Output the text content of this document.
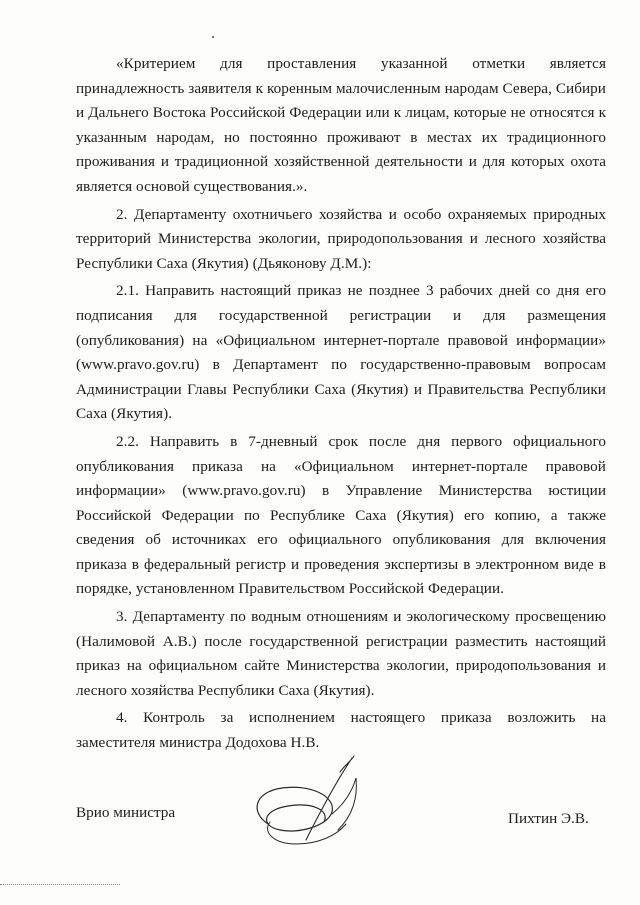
«Критерием для проставления указанной отметки является принадлежность заявителя к коренным малочисленным народам Севера, Сибири и Дальнего Востока Российской Федерации или к лицам, которые не относятся к указанным народам, но постоянно проживают в местах их традиционного проживания и традиционной хозяйственной деятельности и для которых охота является основой существования.».

2. Департаменту охотничьего хозяйства и особо охраняемых природных территорий Министерства экологии, природопользования и лесного хозяйства Республики Саха (Якутия) (Дьяконову Д.М.):

2.1. Направить настоящий приказ не позднее 3 рабочих дней со дня его подписания для государственной регистрации и для размещения (опубликования) на «Официальном интернет-портале правовой информации» (www.pravo.gov.ru) в Департамент по государственно-правовым вопросам Администрации Главы Республики Саха (Якутия) и Правительства Республики Саха (Якутия).

2.2. Направить в 7-дневный срок после дня первого официального опубликования приказа на «Официальном интернет-портале правовой информации» (www.pravo.gov.ru) в Управление Министерства юстиции Российской Федерации по Республике Саха (Якутия) его копию, а также сведения об источниках его официального опубликования для включения приказа в федеральный регистр и проведения экспертизы в электронном виде в порядке, установленном Правительством Российской Федерации.

3. Департаменту по водным отношениям и экологическому просвещению (Налимовой А.В.) после государственной регистрации разместить настоящий приказ на официальном сайте Министерства экологии, природопользования и лесного хозяйства Республики Саха (Якутия).

4. Контроль за исполнением настоящего приказа возложить на заместителя министра Додохова Н.В.

Врио министра	Пихтин Э.В.
